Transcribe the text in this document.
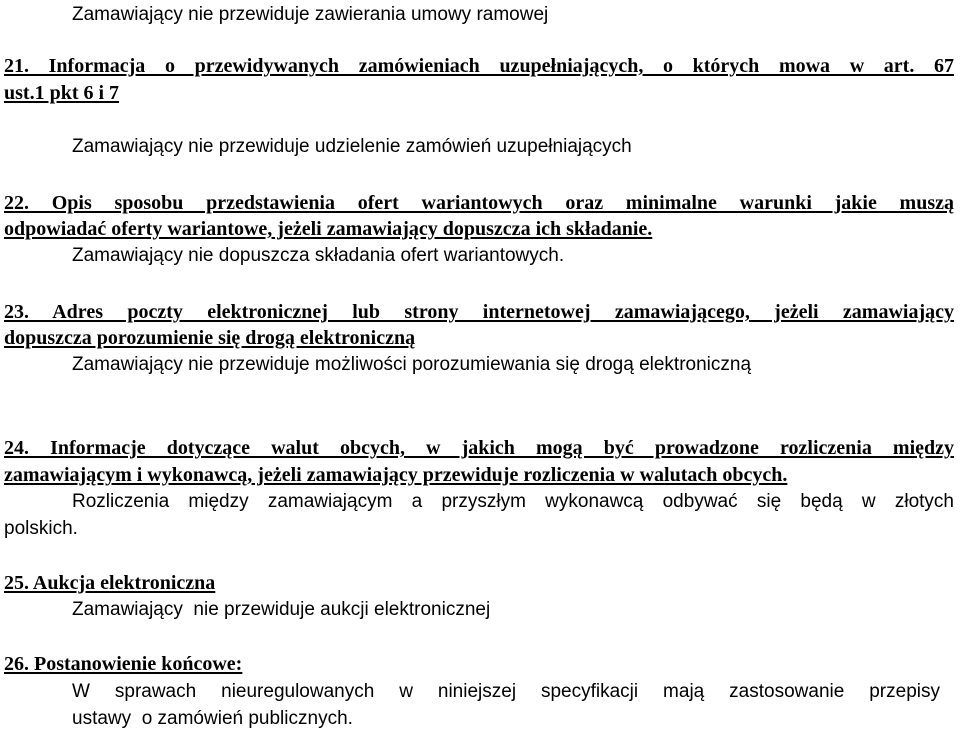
Zamawiający nie przewiduje zawierania umowy ramowej
21. Informacja o przewidywanych zamówieniach uzupełniających, o których mowa w art. 67
ust.1 pkt 6 i 7
Zamawiający nie przewiduje udzielenie zamówień uzupełniających
22. Opis sposobu przedstawienia ofert wariantowych oraz minimalne warunki jakie muszą
odpowiadać oferty wariantowe, jeżeli zamawiający dopuszcza ich składanie.
Zamawiający nie dopuszcza składania ofert wariantowych.
23. Adres poczty elektronicznej lub strony internetowej zamawiającego, jeżeli zamawiający
dopuszcza porozumienie się drogą elektroniczną
Zamawiający nie przewiduje możliwości porozumiewania się drogą elektroniczną
24. Informacje dotyczące walut obcych, w jakich mogą być prowadzone rozliczenia między
zamawiającym i wykonawcą, jeżeli zamawiający przewiduje rozliczenia w walutach obcych.
Rozliczenia między zamawiającym a przyszłym wykonawcą odbywać się będą w złotych
polskich.
25. Aukcja elektroniczna
Zamawiający  nie przewiduje aukcji elektronicznej
26. Postanowienie końcowe:
W sprawach nieuregulowanych w niniejszej specyfikacji mają zastosowanie przepisy
ustawy  o zamówień publicznych.
